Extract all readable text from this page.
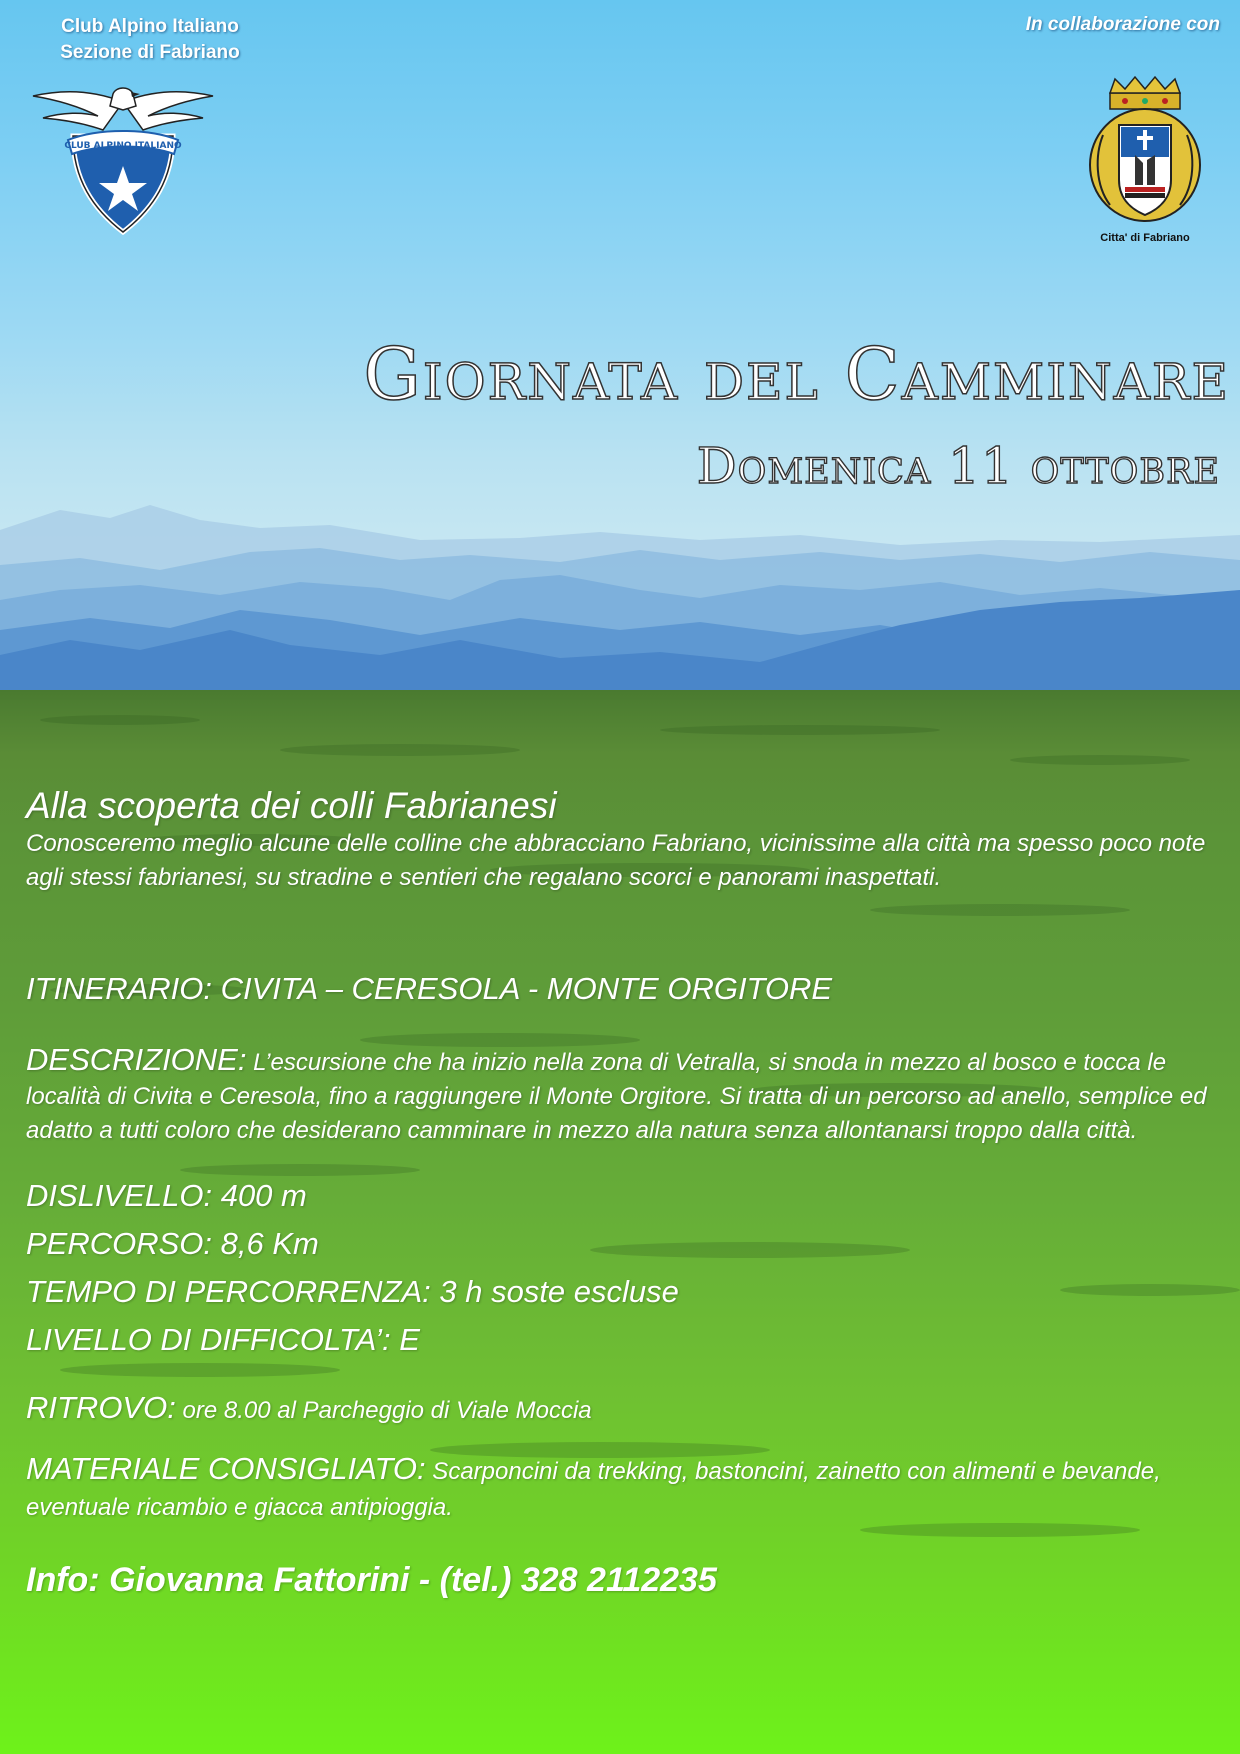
Club Alpino Italiano
Sezione di Fabriano
CLUB ALPINO ITALIANO
In collaborazione con
Citta' di Fabriano
Giornata del Camminare
Domenica 11 ottobre

Alla scoperta dei colli Fabrianesi

Conosceremo meglio alcune delle colline che abbracciano Fabriano, vicinissime alla città ma spesso poco note agli stessi fabrianesi, su stradine e sentieri che regalano scorci e panorami inaspettati.

ITINERARIO: CIVITA – CERESOLA - MONTE ORGITORE
DESCRIZIONE: L’escursione che ha inizio nella zona di Vetralla, si snoda in mezzo al bosco e tocca le località di Civita e Ceresola, fino a raggiungere il Monte Orgitore. Si tratta di un percorso ad anello, semplice ed adatto a tutti coloro che desiderano camminare in mezzo alla natura senza allontanarsi troppo dalla città.
DISLIVELLO: 400 m
PERCORSO: 8,6 Km
TEMPO DI PERCORRENZA: 3 h soste escluse
LIVELLO DI DIFFICOLTA’: E
RITROVO: ore 8.00 al Parcheggio di Viale Moccia
MATERIALE CONSIGLIATO: Scarponcini da trekking, bastoncini, zainetto con alimenti e bevande, eventuale ricambio e giacca antipioggia.
Info: Giovanna Fattorini - (tel.) 328 2112235
